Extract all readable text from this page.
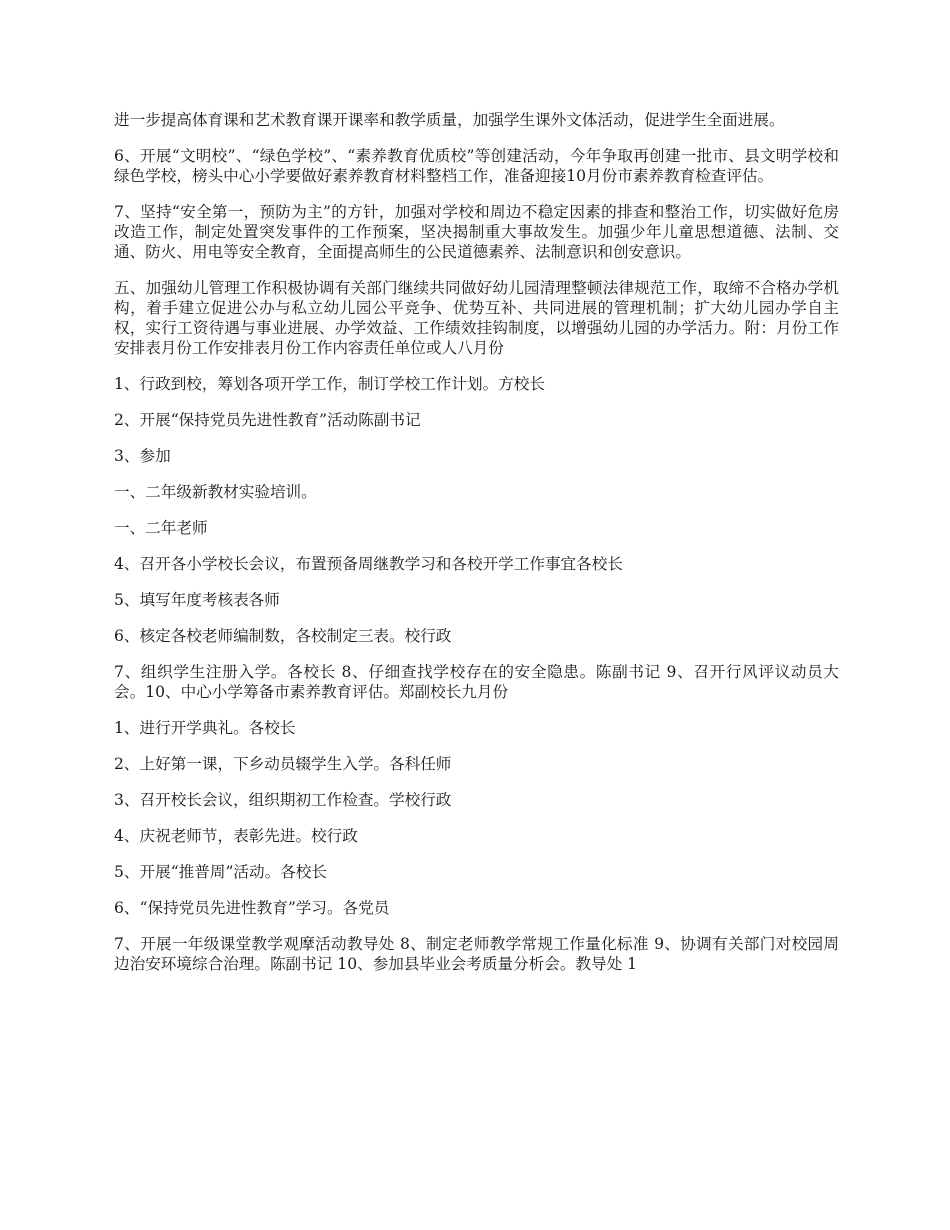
进一步提高体育课和艺术教育课开课率和教学质量，加强学生课外文体活动，促进学生全面进展。

6、开展“文明校”、“绿色学校”、“素养教育优质校”等创建活动，今年争取再创建一批市、县文明学校和绿色学校，榜头中心小学要做好素养教育材料整档工作，准备迎接10月份市素养教育检查评估。

7、坚持“安全第一，预防为主”的方针，加强对学校和周边不稳定因素的排查和整治工作，切实做好危房改造工作，制定处置突发事件的工作预案，坚决揭制重大事故发生。加强少年儿童思想道德、法制、交通、防火、用电等安全教育，全面提高师生的公民道德素养、法制意识和创安意识。

五、加强幼儿管理工作积极协调有关部门继续共同做好幼儿园清理整顿法律规范工作，取缔不合格办学机构，着手建立促进公办与私立幼儿园公平竞争、优势互补、共同进展的管理机制；扩大幼儿园办学自主权，实行工资待遇与事业进展、办学效益、工作绩效挂钩制度，以增强幼儿园的办学活力。附：月份工作安排表月份工作安排表月份工作内容责任单位或人八月份

1、行政到校，筹划各项开学工作，制订学校工作计划。方校长

2、开展“保持党员先进性教育”活动陈副书记

3、参加

一、二年级新教材实验培训。

一、二年老师

4、召开各小学校长会议，布置预备周继教学习和各校开学工作事宜各校长

5、填写年度考核表各师

6、核定各校老师编制数，各校制定三表。校行政

7、组织学生注册入学。各校长 8、仔细查找学校存在的安全隐患。陈副书记 9、召开行风评议动员大会。10、中心小学筹备市素养教育评估。郑副校长九月份

1、进行开学典礼。各校长

2、上好第一课，下乡动员辍学生入学。各科任师

3、召开校长会议，组织期初工作检查。学校行政

4、庆祝老师节，表彰先进。校行政

5、开展“推普周”活动。各校长

6、“保持党员先进性教育”学习。各党员

7、开展一年级课堂教学观摩活动教导处 8、制定老师教学常规工作量化标准 9、协调有关部门对校园周边治安环境综合治理。陈副书记 10、参加县毕业会考质量分析会。教导处 1
